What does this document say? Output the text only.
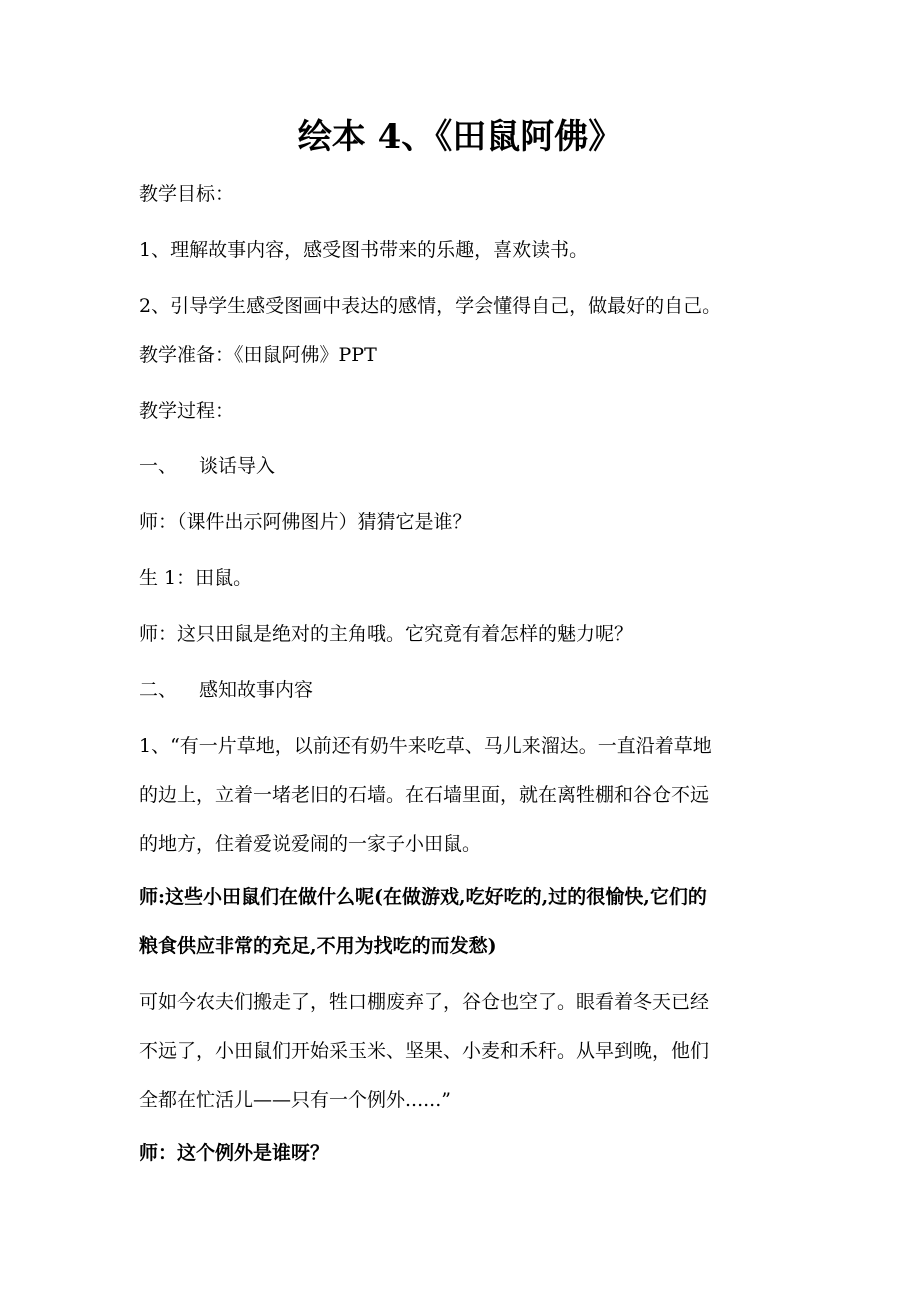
绘本 4、《田鼠阿佛》

教学目标：

1、理解故事内容，感受图书带来的乐趣，喜欢读书。

2、引导学生感受图画中表达的感情，学会懂得自己，做最好的自己。

教学准备：《田鼠阿佛》PPT

教学过程：

一、 谈话导入

师：（课件出示阿佛图片）猜猜它是谁？

生 1：田鼠。

师：这只田鼠是绝对的主角哦。它究竟有着怎样的魅力呢？

二、 感知故事内容

1、“有一片草地，以前还有奶牛来吃草、马儿来溜达。一直沿着草地

的边上，立着一堵老旧的石墙。在石墙里面，就在离牲棚和谷仓不远

的地方，住着爱说爱闹的一家子小田鼠。

师:这些小田鼠们在做什么呢(在做游戏,吃好吃的,过的很愉快,它们的

粮食供应非常的充足,不用为找吃的而发愁)

可如今农夫们搬走了，牲口棚废弃了，谷仓也空了。眼看着冬天已经

不远了，小田鼠们开始采玉米、坚果、小麦和禾秆。从早到晚，他们

全都在忙活儿——只有一个例外......”

师：这个例外是谁呀？
